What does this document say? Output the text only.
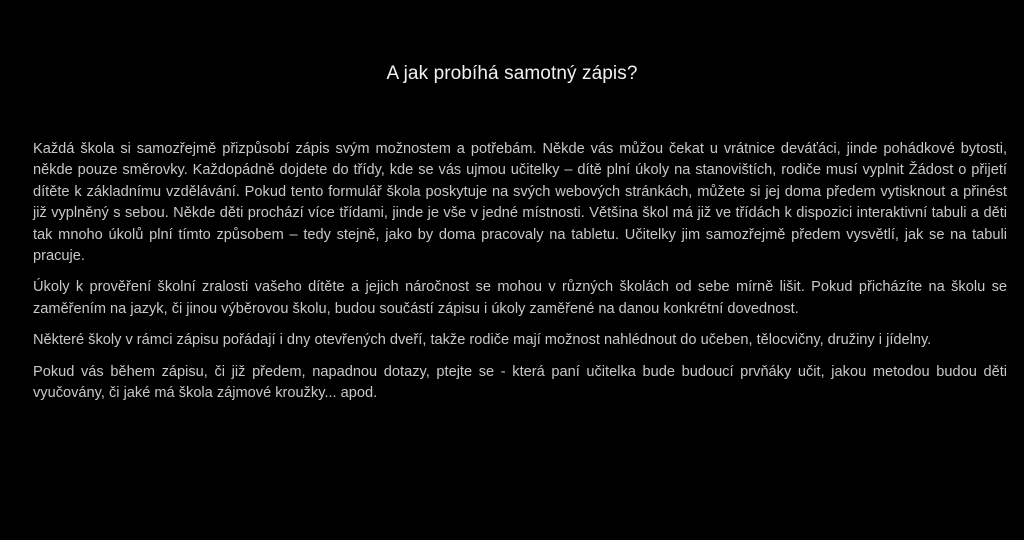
A jak probíhá samotný zápis?

Každá škola si samozřejmě přizpůsobí zápis svým možnostem a potřebám. Někde vás můžou čekat u vrátnice deváťáci, jinde pohádkové bytosti, někde pouze směrovky. Každopádně dojdete do třídy, kde se vás ujmou učitelky – dítě plní úkoly na stanovištích, rodiče musí vyplnit Žádost o přijetí dítěte k základnímu vzdělávání. Pokud tento formulář škola poskytuje na svých webových stránkách, můžete si jej doma předem vytisknout a přinést již vyplněný s sebou. Někde děti prochází více třídami, jinde je vše v jedné místnosti. Většina škol má již ve třídách k dispozici interaktivní tabuli a děti tak mnoho úkolů plní tímto způsobem – tedy stejně, jako by doma pracovaly na tabletu. Učitelky jim samozřejmě předem vysvětlí, jak se na tabuli pracuje.

Úkoly k prověření školní zralosti vašeho dítěte a jejich náročnost se mohou v různých školách od sebe mírně lišit. Pokud přicházíte na školu se zaměřením na jazyk, či jinou výběrovou školu, budou součástí zápisu i úkoly zaměřené na danou konkrétní dovednost.

Některé školy v rámci zápisu pořádají i dny otevřených dveří, takže rodiče mají možnost nahlédnout do učeben, tělocvičny, družiny i jídelny.

Pokud vás během zápisu, či již předem, napadnou dotazy, ptejte se - která paní učitelka bude budoucí prvňáky učit, jakou metodou budou děti vyučovány, či jaké má škola zájmové kroužky... apod.
